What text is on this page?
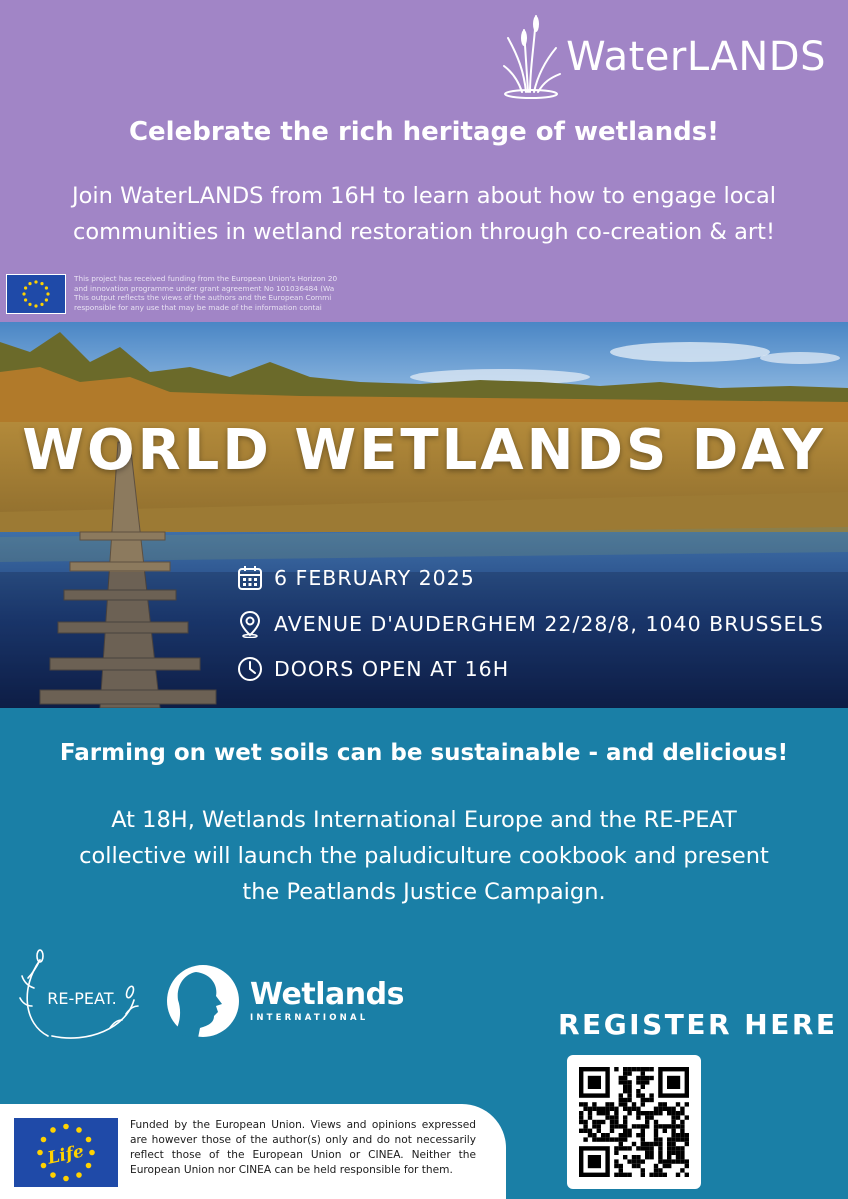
WaterLANDS
Celebrate the rich heritage of wetlands!

Join WaterLANDS from 16H to learn about how to engage local communities in wetland restoration through co-creation & art!

This project has received funding from the European Union's Horizon 20
and innovation programme under grant agreement No 101036484 (Wa
This output reflects the views of the authors and the European Commi
responsible for any use that may be made of the information contai
WORLD WETLANDS DAY
6 FEBRUARY 2025
AVENUE D'AUDERGHEM 22/28/8, 1040 BRUSSELS
DOORS OPEN AT 16H
Farming on wet soils can be sustainable - and delicious!

At 18H, Wetlands International Europe and the RE-PEAT collective will launch the paludiculture cookbook and present the Peatlands Justice Campaign.

RE-PEAT.	Wetlands
INTERNATIONAL	REGISTER HERE
Life

Funded by the European Union. Views and opinions expressed are however those of the author(s) only and do not necessarily reflect those of the European Union or CINEA. Neither the European Union nor CINEA can be held responsible for them.
